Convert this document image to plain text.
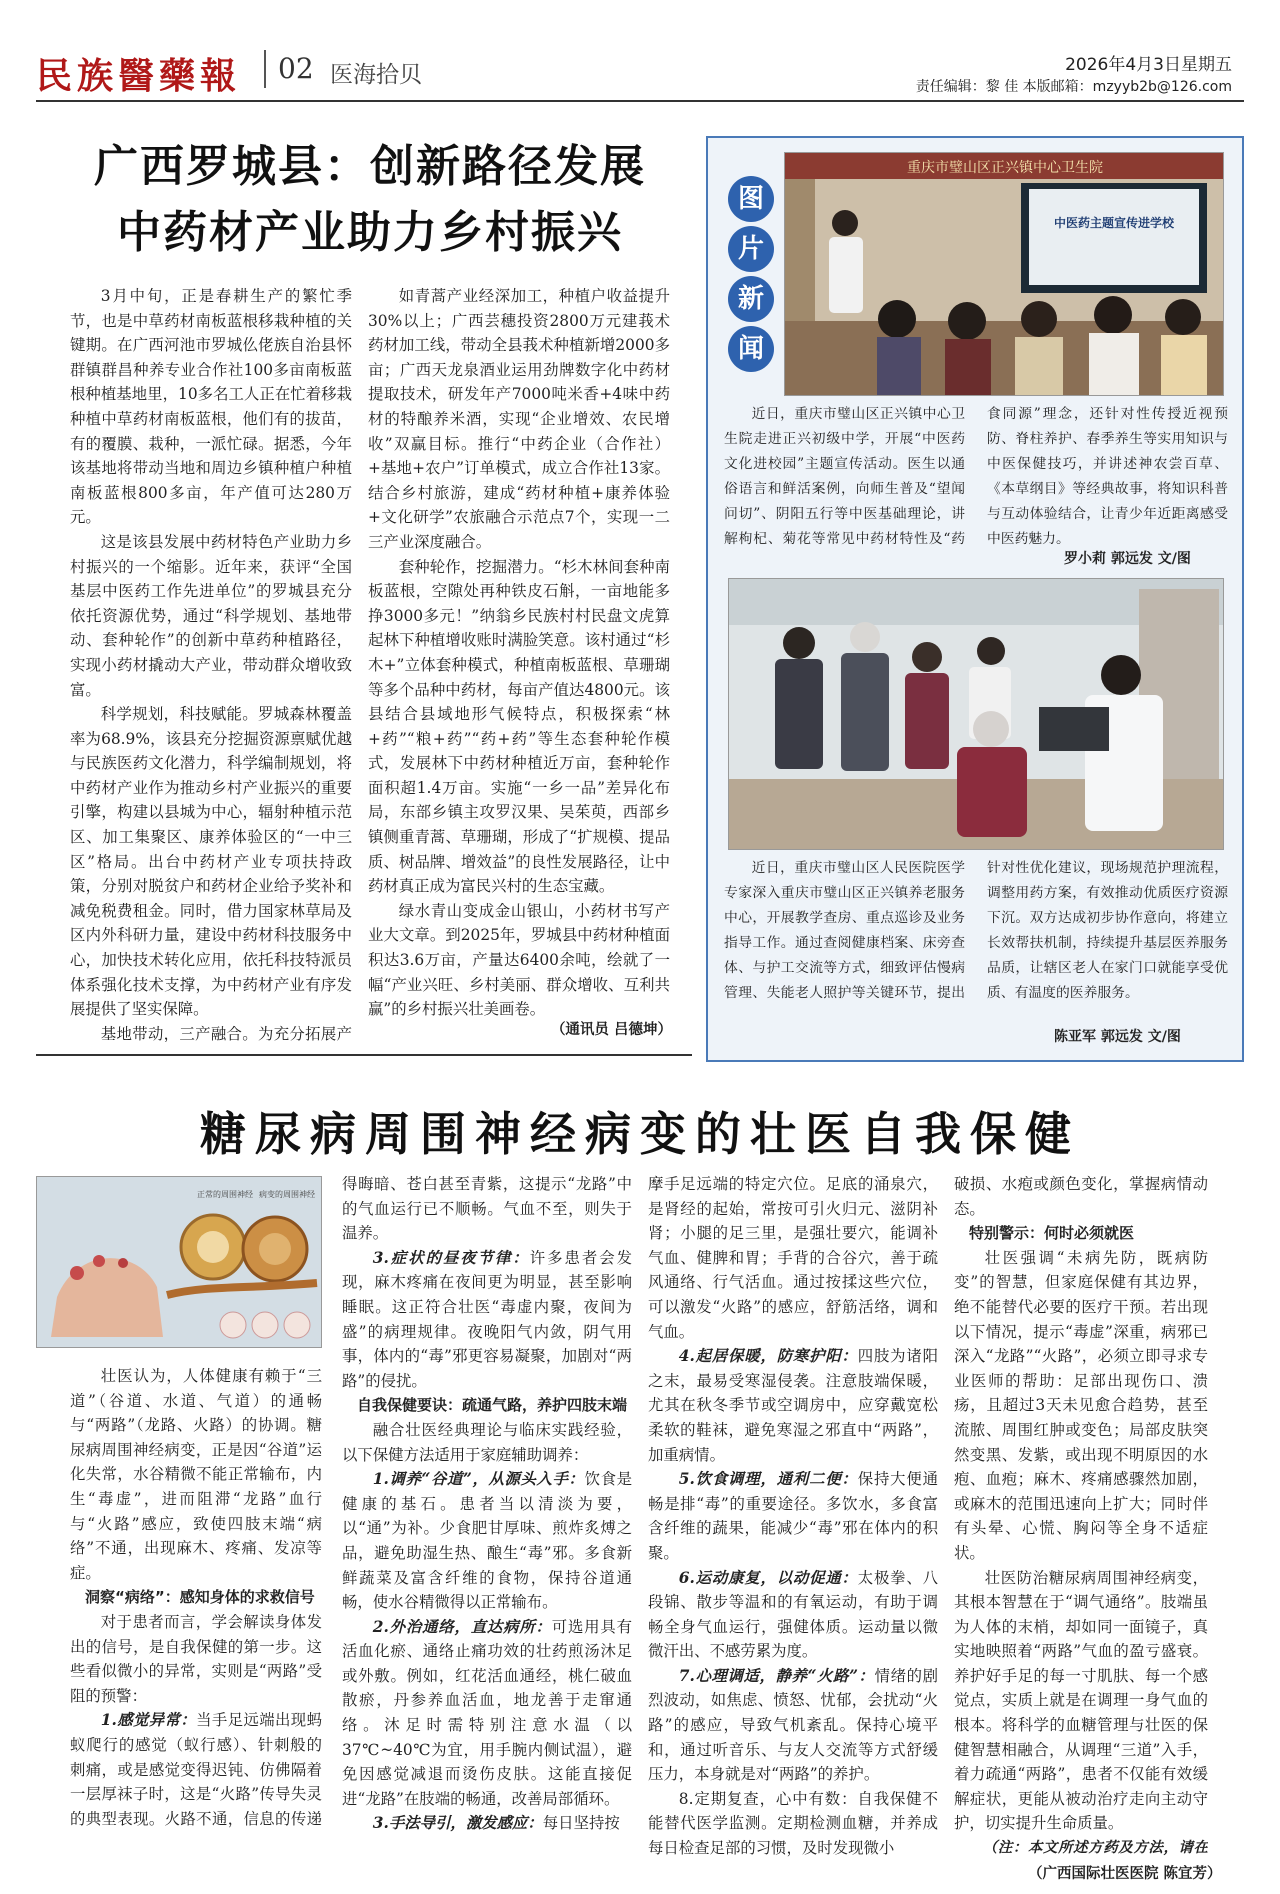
民族醫藥報 02 医海拾贝	2026年4月3日星期五
责任编辑：黎 佳 本版邮箱：mzyyb2b@126.com
广西罗城县：创新路径发展
中药材产业助力乡村振兴

3月中旬，正是春耕生产的繁忙季节，也是中草药材南板蓝根移栽种植的关键期。在广西河池市罗城仫佬族自治县怀群镇群昌种养专业合作社100多亩南板蓝根种植基地里，10多名工人正在忙着移栽种植中草药材南板蓝根，他们有的拔苗，有的覆膜、栽种，一派忙碌。据悉，今年该基地将带动当地和周边乡镇种植户种植南板蓝根800多亩，年产值可达280万元。

这是该县发展中药材特色产业助力乡村振兴的一个缩影。近年来，获评“全国基层中医药工作先进单位”的罗城县充分依托资源优势，通过“科学规划、基地带动、套种轮作”的创新中草药种植路径，实现小药材撬动大产业，带动群众增收致富。

科学规划，科技赋能。罗城森林覆盖率为68.9%，该县充分挖掘资源禀赋优越与民族医药文化潜力，科学编制规划，将中药材产业作为推动乡村产业振兴的重要引擎，构建以县城为中心，辐射种植示范区、加工集聚区、康养体验区的“一中三区”格局。出台中药材产业专项扶持政策，分别对脱贫户和药材企业给予奖补和减免税费租金。同时，借力国家林草局及区内外科研力量，建设中药材科技服务中心，加快技术转化应用，依托科技特派员体系强化技术支撑，为中药材产业有序发展提供了坚实保障。

基地带动，三产融合。为充分拓展产

如青蒿产业经深加工，种植户收益提升30%以上；广西芸穗投资2800万元建莪术药材加工线，带动全县莪术种植新增2000多亩；广西天龙泉酒业运用劲牌数字化中药材提取技术，研发年产7000吨米香+4味中药材的特酿养米酒，实现“企业增效、农民增收”双赢目标。推行“中药企业（合作社）+基地+农户”订单模式，成立合作社13家。结合乡村旅游，建成“药材种植+康养体验+文化研学”农旅融合示范点7个，实现一二三产业深度融合。

套种轮作，挖掘潜力。“杉木林间套种南板蓝根，空隙处再种铁皮石斛，一亩地能多挣3000多元！”纳翁乡民族村村民盘文虎算起林下种植增收账时满脸笑意。该村通过“杉木+”立体套种模式，种植南板蓝根、草珊瑚等多个品种中药材，每亩产值达4800元。该县结合县域地形气候特点，积极探索“林+药”“粮+药”“药+药”等生态套种轮作模式，发展林下中药材种植近万亩，套种轮作面积超1.4万亩。实施“一乡一品”差异化布局，东部乡镇主攻罗汉果、吴茱萸，西部乡镇侧重青蒿、草珊瑚，形成了“扩规模、提品质、树品牌、增效益”的良性发展路径，让中药材真正成为富民兴村的生态宝藏。

绿水青山变成金山银山，小药材书写产业大文章。到2025年，罗城县中药材种植面积达3.6万亩，产量达6400余吨，绘就了一幅“产业兴旺、乡村美丽、群众增收、互利共赢”的乡村振兴壮美画卷。

（通讯员 吕德坤）
图
片
新
闻
重庆市璧山区正兴镇中心卫生院
中医药主题宣传进学校

近日，重庆市璧山区正兴镇中心卫生院走进正兴初级中学，开展“中医药文化进校园”主题宣传活动。医生以通俗语言和鲜活案例，向师生普及“望闻问切”、阴阳五行等中医基础理论，讲解枸杞、菊花等常见中药材特性及“药食同源”理念，还针对性传授近视预防、脊柱养护、春季养生等实用知识与中医保健技巧，并讲述神农尝百草、《本草纲目》等经典故事，将知识科普与互动体验结合，让青少年近距离感受中医药魅力。

罗小莉 郭远发 文/图

近日，重庆市璧山区人民医院医学专家深入重庆市璧山区正兴镇养老服务中心，开展教学查房、重点巡诊及业务指导工作。通过查阅健康档案、床旁查体、与护工交流等方式，细致评估慢病管理、失能老人照护等关键环节，提出针对性优化建议，现场规范护理流程，调整用药方案，有效推动优质医疗资源下沉。双方达成初步协作意向，将建立长效帮扶机制，持续提升基层医养服务品质，让辖区老人在家门口就能享受优质、有温度的医养服务。

陈亚军 郭远发 文/图
糖尿病周围神经病变的壮医自我保健
正常的周围神经 病变的周围神经

壮医认为，人体健康有赖于“三道”（谷道、水道、气道）的通畅与“两路”（龙路、火路）的协调。糖尿病周围神经病变，正是因“谷道”运化失常，水谷精微不能正常输布，内生“毒虚”，进而阻滞“龙路”血行与“火路”感应，致使四肢末端“病络”不通，出现麻木、疼痛、发凉等症。

洞察“病络”：感知身体的求救信号

对于患者而言，学会解读身体发出的信号，是自我保健的第一步。这些看似微小的异常，实则是“两路”受阻的预警：

1.感觉异常：当手足远端出现蚂蚁爬行的感觉（蚁行感）、针刺般的刺痛，或是感觉变得迟钝、仿佛隔着一层厚袜子时，这是“火路”传导失灵的典型表现。火路不通，信息的传递

得晦暗、苍白甚至青紫，这提示“龙路”中的气血运行已不顺畅。气血不至，则失于温养。

3.症状的昼夜节律：许多患者会发现，麻木疼痛在夜间更为明显，甚至影响睡眠。这正符合壮医“毒虚内聚，夜间为盛”的病理规律。夜晚阳气内敛，阴气用事，体内的“毒”邪更容易凝聚，加剧对“两路”的侵扰。

自我保健要诀：疏通气路，养护四肢末端

融合壮医经典理论与临床实践经验，以下保健方法适用于家庭辅助调养：

1.调养“谷道”，从源头入手：饮食是健康的基石。患者当以清淡为要，以“通”为补。少食肥甘厚味、煎炸炙煿之品，避免助湿生热、酿生“毒”邪。多食新鲜蔬菜及富含纤维的食物，保持谷道通畅，使水谷精微得以正常输布。

2.外治通络，直达病所：可选用具有活血化瘀、通络止痛功效的壮药煎汤沐足或外敷。例如，红花活血通经，桃仁破血散瘀，丹参养血活血，地龙善于走窜通络。沐足时需特别注意水温（以37℃~40℃为宜，用手腕内侧试温），避免因感觉减退而烫伤皮肤。这能直接促进“龙路”在肢端的畅通，改善局部循环。

3.手法导引，激发感应：每日坚持按

摩手足远端的特定穴位。足底的涌泉穴，是肾经的起始，常按可引火归元、滋阴补肾；小腿的足三里，是强壮要穴，能调补气血、健脾和胃；手背的合谷穴，善于疏风通络、行气活血。通过按揉这些穴位，可以激发“火路”的感应，舒筋活络，调和气血。

4.起居保暖，防寒护阳：四肢为诸阳之末，最易受寒湿侵袭。注意肢端保暖，尤其在秋冬季节或空调房中，应穿戴宽松柔软的鞋袜，避免寒湿之邪直中“两路”，加重病情。

5.饮食调理，通利二便：保持大便通畅是排“毒”的重要途径。多饮水，多食富含纤维的蔬果，能减少“毒”邪在体内的积聚。

6.运动康复，以动促通：太极拳、八段锦、散步等温和的有氧运动，有助于调畅全身气血运行，强健体质。运动量以微微汗出、不感劳累为度。

7.心理调适，静养“火路”：情绪的剧烈波动，如焦虑、愤怒、忧郁，会扰动“火路”的感应，导致气机紊乱。保持心境平和，通过听音乐、与友人交流等方式舒缓压力，本身就是对“两路”的养护。

8.定期复查，心中有数：自我保健不能替代医学监测。定期检测血糖，并养成每日检查足部的习惯，及时发现微小

破损、水疱或颜色变化，掌握病情动态。

特别警示：何时必须就医

壮医强调“未病先防，既病防变”的智慧，但家庭保健有其边界，绝不能替代必要的医疗干预。若出现以下情况，提示“毒虚”深重，病邪已深入“龙路”“火路”，必须立即寻求专业医师的帮助：足部出现伤口、溃疡，且超过3天未见愈合趋势，甚至流脓、周围红肿或变色；局部皮肤突然变黑、发紫，或出现不明原因的水疱、血疱；麻木、疼痛感骤然加剧，或麻木的范围迅速向上扩大；同时伴有头晕、心慌、胸闷等全身不适症状。

壮医防治糖尿病周围神经病变，其根本智慧在于“调气通络”。肢端虽为人体的末梢，却如同一面镜子，真实地映照着“两路”气血的盈亏盛衰。养护好手足的每一寸肌肤、每一个感觉点，实质上就是在调理一身气血的根本。将科学的血糖管理与壮医的保健智慧相融合，从调理“三道”入手，着力疏通“两路”，患者不仅能有效缓解症状，更能从被动治疗走向主动守护，切实提升生命质量。

（注：本文所述方药及方法，请在

（广西国际壮医医院 陈宜芳）
